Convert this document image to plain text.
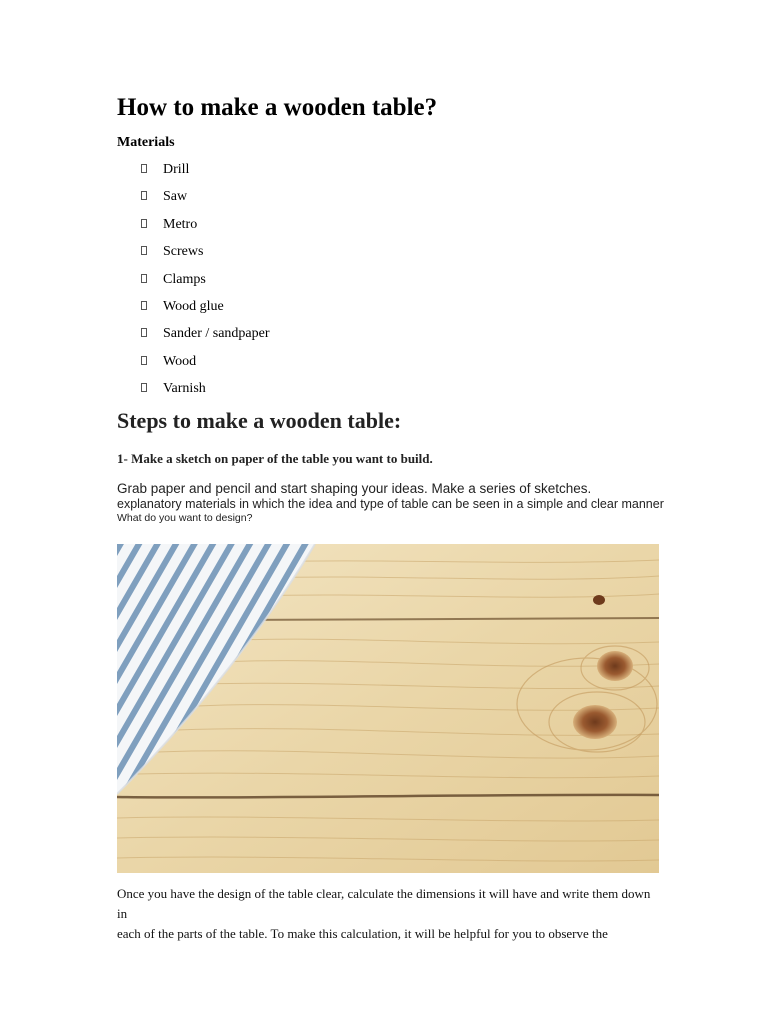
How to make a wooden table?
Materials
Drill
Saw
Metro
Screws
Clamps
Wood glue
Sander / sandpaper
Wood
Varnish
Steps to make a wooden table:
1- Make a sketch on paper of the table you want to build.
Grab paper and pencil and start shaping your ideas. Make a series of sketches.
explanatory materials in which the idea and type of table can be seen in a simple and clear manner
What do you want to design?
Once you have the design of the table clear, calculate the dimensions it will have and write them down in
each of the parts of the table. To make this calculation, it will be helpful for you to observe the
